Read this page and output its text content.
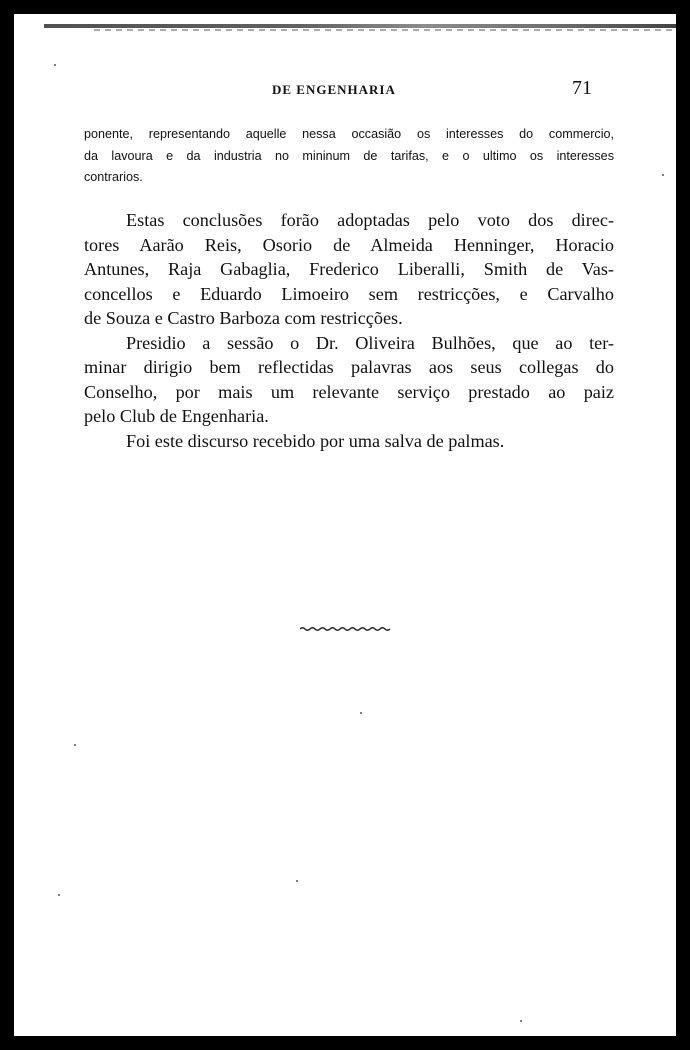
DE ENGENHARIA	71
ponente, representando aquelle nessa occasião os interesses do commercio,
da lavoura e da industria no mininum de tarifas, e o ultimo os interesses
contrarios.
Estas conclusões forão adoptadas pelo voto dos direc-
tores Aarão Reis, Osorio de Almeida Henninger, Horacio
Antunes, Raja Gabaglia, Frederico Liberalli, Smith de Vas-
concellos e Eduardo Limoeiro sem restricções, e Carvalho
de Souza e Castro Barboza com restricções.
Presidio a sessão o Dr. Oliveira Bulhões, que ao ter-
minar dirigio bem reflectidas palavras aos seus collegas do
Conselho, por mais um relevante serviço prestado ao paiz
pelo Club de Engenharia.
Foi este discurso recebido por uma salva de palmas.
